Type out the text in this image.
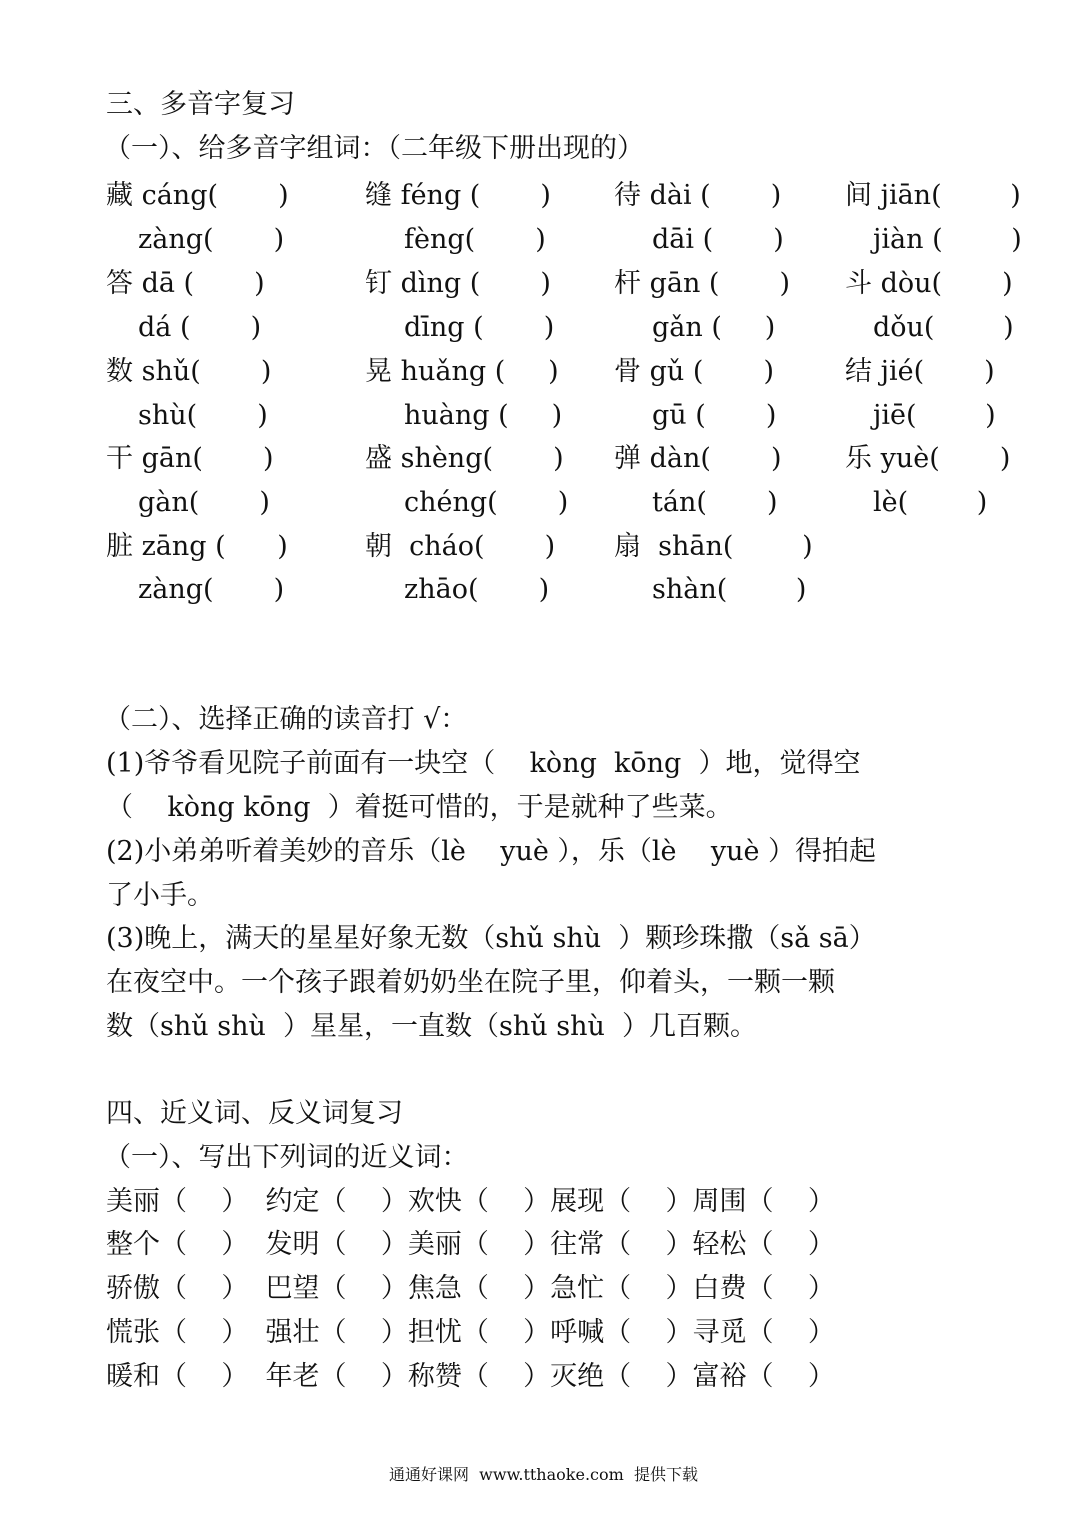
三、多音字复习
（一）、给多音字组词：（二年级下册出现的）
藏 cáng(       )	缝 féng (       ) 待 dài (       ) 间 jiān(        )
zàng(       )	fèng(       )	dāi (       )	jiàn (        )
答 dā (       )	钉 dìng (       ) 杆 gān (       ) 斗 dòu(       )
dá (       )	dīng (       )	gǎn (     )	dǒu(        )
数 shǔ(       )	晃 huǎng (     ) 骨 gǔ (       )	结 jié(       )
shù(       )	huàng (     )	gū (       )	jiē(        )
干 gān(       )	盛 shèng(       ) 弹 dàn(       ) 乐 yuè(       )
gàn(       )	chéng(       )	tán(       )	lè(        )
脏 zāng (      )	朝  cháo(       ) 扇  shān(        )
zàng(       )	zhāo(       )	shàn(        )
（二）、选择正确的读音打 √：
(1)爷爷看见院子前面有一块空（    kòng  kōng  ）地，觉得空
（    kòng kōng  ）着挺可惜的，于是就种了些菜。
(2)小弟弟听着美妙的音乐（lè    yuè ），乐（lè    yuè ）得拍起
了小手。
(3)晚上，满天的星星好象无数（shǔ shù  ）颗珍珠撒（sǎ sā）
在夜空中。一个孩子跟着奶奶坐在院子里，仰着头，一颗一颗
数（shǔ shù  ）星星，一直数（shǔ shù  ）几百颗。
四、近义词、反义词复习
（一）、写出下列词的近义词：
美丽（    ）  约定（    ）欢快（    ）展现（    ）周围（    ）
整个（    ）  发明（    ）美丽（    ）往常（    ）轻松（    ）
骄傲（    ）  巴望（    ）焦急（    ）急忙（    ）白费（    ）
慌张（    ）  强壮（    ）担忧（    ）呼喊（    ）寻觅（    ）
暖和（    ）  年老（    ）称赞（    ）灭绝（    ）富裕（    ）
通通好课网  www.tthaoke.com  提供下载
